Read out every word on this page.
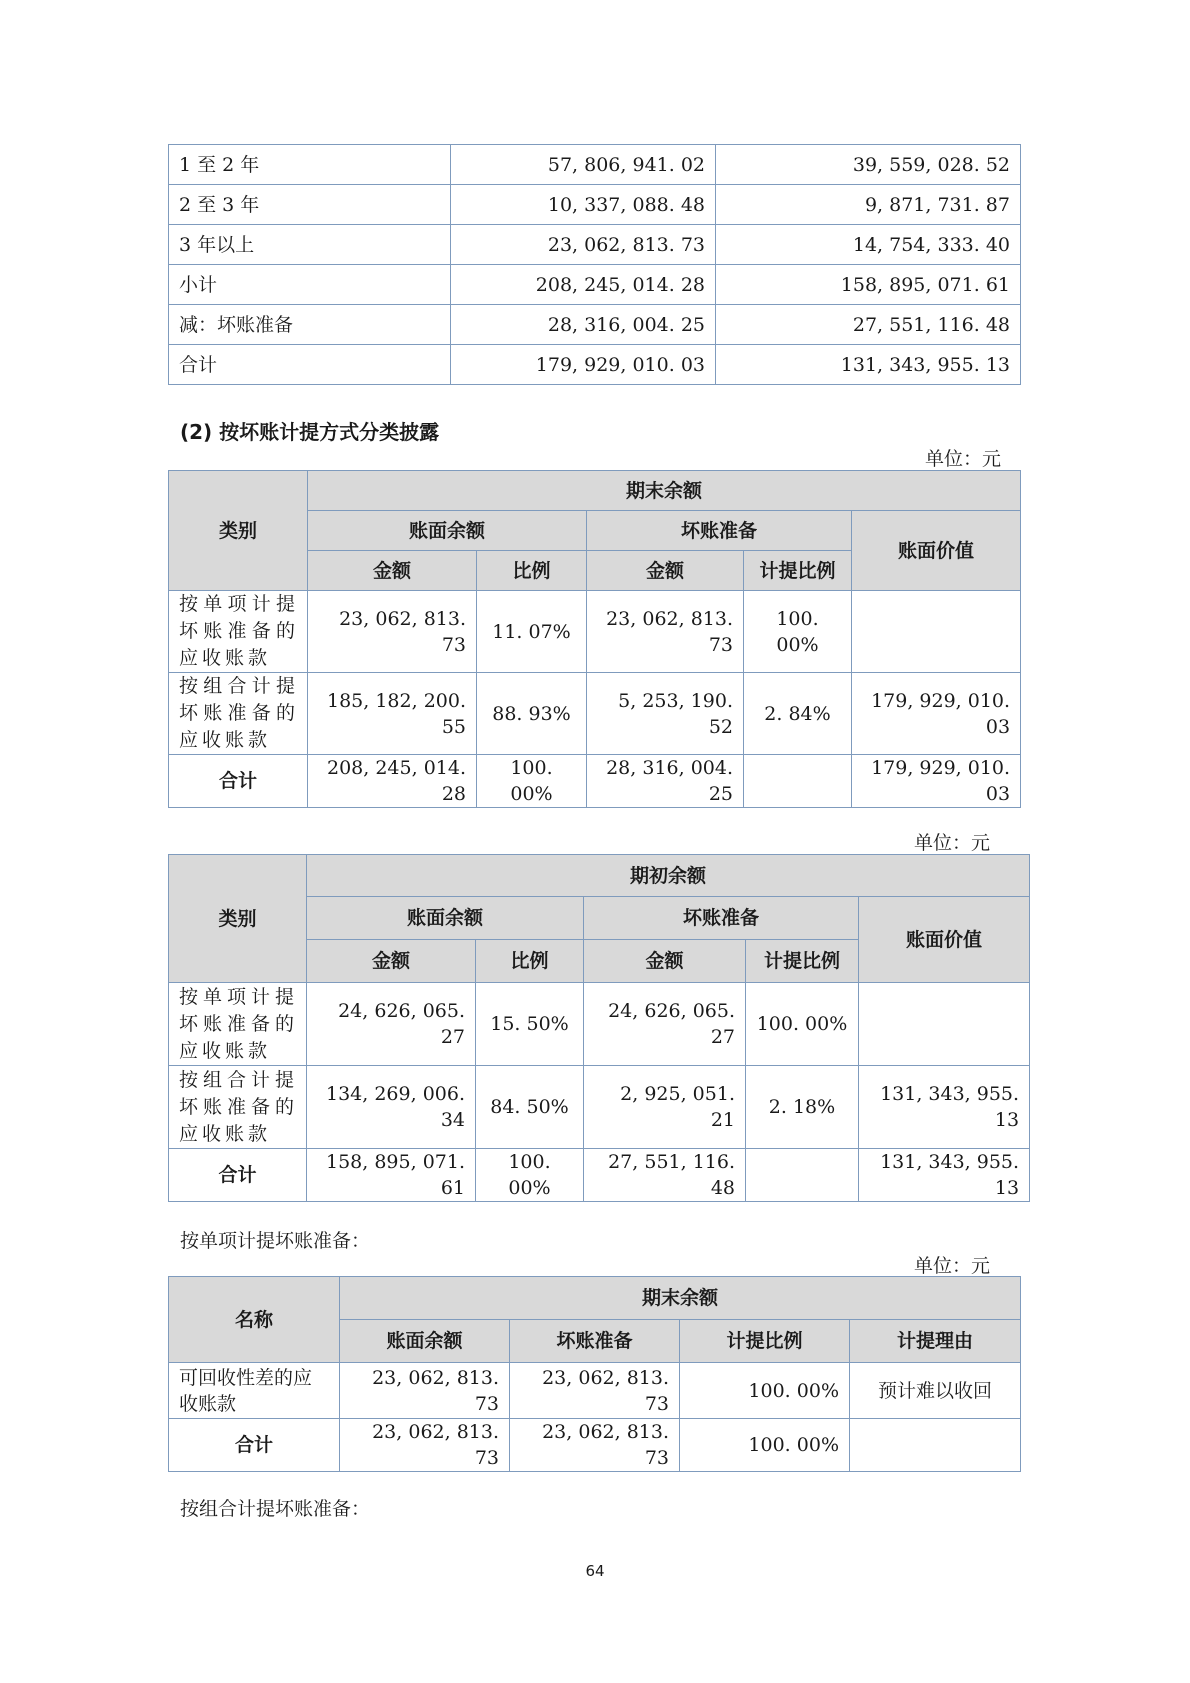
1 至 2 年	57, 806, 941. 02	39, 559, 028. 52
2 至 3 年	10, 337, 088. 48	9, 871, 731. 87
3 年以上	23, 062, 813. 73	14, 754, 333. 40
小计	208, 245, 014. 28	158, 895, 071. 61
减：坏账准备	28, 316, 004. 25	27, 551, 116. 48
合计	179, 929, 010. 03	131, 343, 955. 13
(2) 按坏账计提方式分类披露
单位：元
类别	期末余额				
	账面余额		坏账准备		账面价值
	金额	比例	金额	计提比例	
按单项计提坏账准备的应收账款	23, 062, 813. 73	11. 07%	23, 062, 813. 73	100. 00%	
按组合计提坏账准备的应收账款	185, 182, 200. 55	88. 93%	5, 253, 190. 52	2. 84%	179, 929, 010. 03
合计	208, 245, 014. 28	100. 00%	28, 316, 004. 25		179, 929, 010. 03
单位：元
类别	期初余额				
	账面余额		坏账准备		账面价值
	金额	比例	金额	计提比例	
按单项计提坏账准备的应收账款	24, 626, 065. 27	15. 50%	24, 626, 065. 27	100. 00%	
按组合计提坏账准备的应收账款	134, 269, 006. 34	84. 50%	2, 925, 051. 21	2. 18%	131, 343, 955. 13
合计	158, 895, 071. 61	100. 00%	27, 551, 116. 48		131, 343, 955. 13
按单项计提坏账准备：
单位：元
名称	期末余额			
	账面余额	坏账准备	计提比例	计提理由
可回收性差的应收账款	23, 062, 813. 73	23, 062, 813. 73	100. 00%	预计难以收回
合计	23, 062, 813. 73	23, 062, 813. 73	100. 00%	
按组合计提坏账准备：
64
